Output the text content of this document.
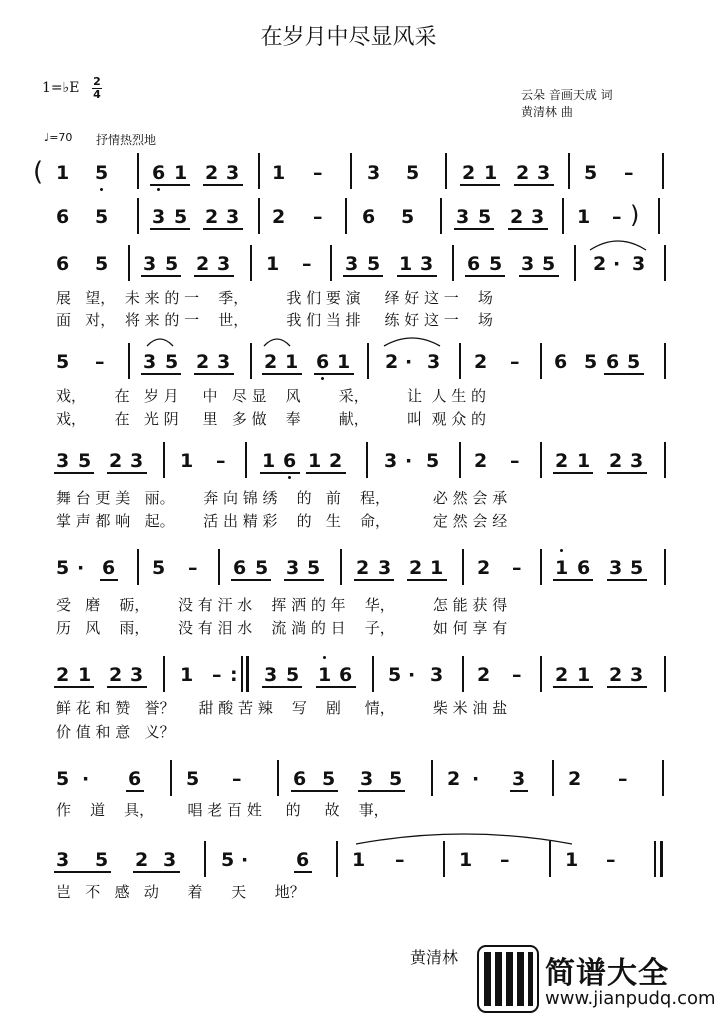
在岁月中尽显风采
1=♭E 2
4	云朵 音画天成 词
黄清林 曲
♩=70 抒情热烈地
( 1 5 6 1 2 3 1 – 3 5 2 1 2 3 5 –
6 5 3 5 2 3 2 – 6 5 3 5 2 3 1 – )
6 5 3 5 2 3 1 – 3 5 1 3 6 5 3 5 2 · 3
展   望，  未 来 的 一    季，        我 们 要 演     绎 好 这 一    场
面   对，  将 来 的 一    世，        我 们 当 排     练 好 这 一    场
5 – 3 5 2 3 2 1 6 1 2 · 3 2 – 6 5 6 5
戏，      在   岁 月     中   尽 显    风        采，        让  人 生 的
戏，      在   光 阴     里   多 做    奉        献，        叫  观 众 的
3 5 2 3 1 – 1 6 1 2 3 · 5 2 – 2 1 2 3
舞 台 更 美   丽。      奔 向 锦 绣    的   前    程，         必 然 会 承
掌 声 都 响   起。      活 出 精 彩    的   生    命，         定 然 会 经
5 · 6 5 – 6 5 3 5 2 3 2 1 2 – 1 6 3 5
受   磨    砺，      没 有 汗 水    挥 洒 的 年    华，        怎 能 获 得
历   风    雨，      没 有 泪 水    流 淌 的 日    子，        如 何 享 有
2 1 2 3 1 – : 3 5 1 6 5 · 3 2 – 2 1 2 3
鲜 花 和 赞   誉？     甜 酸 苦 辣    写    剧     情，        柴 米 油 盐
价 值 和 意   义？
5 · 6 5 –	6 5 3 5 2 · 3 2 –
作    道    具，       唱 老 百 姓     的     故    事，
3 5 2 3 5 ·	6 1 –	1 –	1 –
岂   不   感   动      着      天      地？
黄清林	简谱大全
www.jianpudq.com
